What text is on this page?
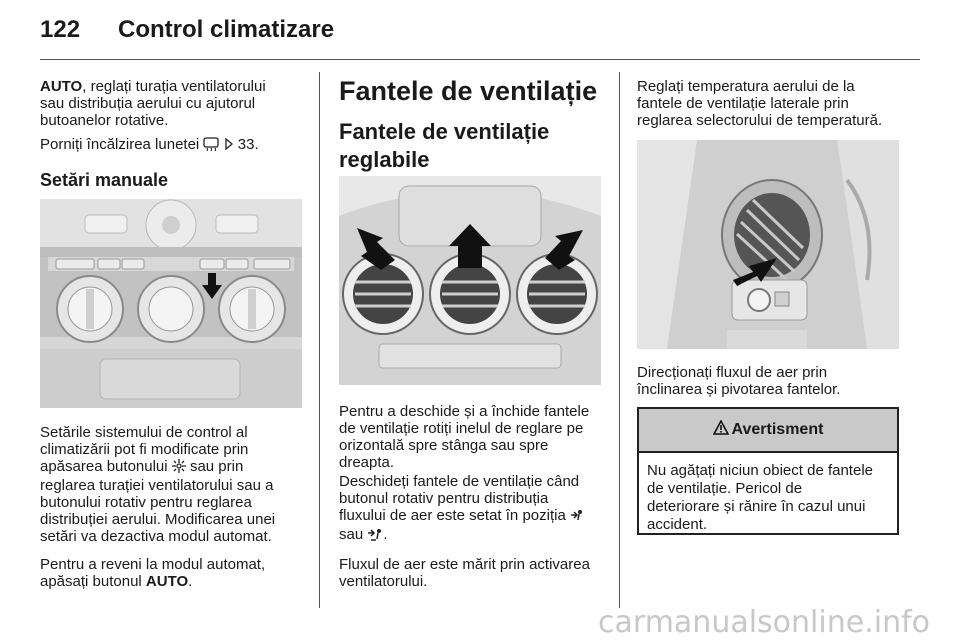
122 Control climatizare
AUTO, reglați turația ventilatorului
sau distribuția aerului cu ajutorul
butoanelor rotative.
Porniți încălzirea lunetei	33.
Setări manuale
Setările sistemului de control al
climatizării pot fi modificate prin
apăsarea butonului sau prin
reglarea turației ventilatorului sau a
butonului rotativ pentru reglarea
distribuției aerului. Modificarea unei
setări va dezactiva modul automat.
Pentru a reveni la modul automat,
apăsați butonul AUTO.
Fantele de ventilație
Fantele de ventilație
reglabile
Pentru a deschide și a închide fantele
de ventilație rotiți inelul de reglare pe
orizontală spre stânga sau spre
dreapta.
Deschideți fantele de ventilație când
butonul rotativ pentru distribuția
fluxului de aer este setat în poziția
sau .
Fluxul de aer este mărit prin activarea
ventilatorului.
Reglați temperatura aerului de la
fantele de ventilație laterale prin
reglarea selectorului de temperatură.
Direcționați fluxul de aer prin
înclinarea și pivotarea fantelor.
Avertisment
Nu agățați niciun obiect de fantele
de ventilație. Pericol de
deteriorare și rănire în cazul unui
accident.
carmanualsonline.info
